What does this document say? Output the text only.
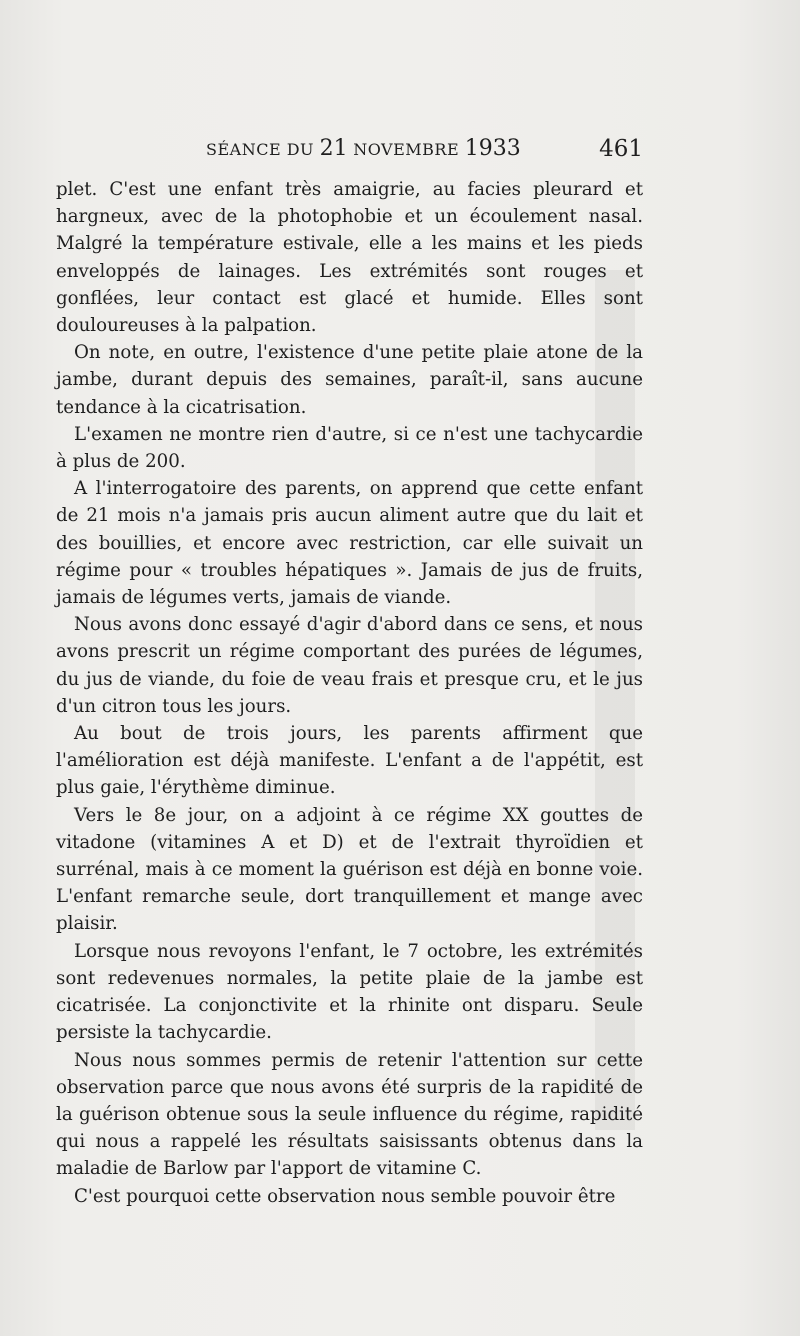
SÉANCE DU 21 NOVEMBRE 1933	461

plet. C'est une enfant très amaigrie, au facies pleurard et hargneux, avec de la photophobie et un écoulement nasal. Malgré la température estivale, elle a les mains et les pieds enveloppés de lainages. Les extrémités sont rouges et gonflées, leur contact est glacé et humide. Elles sont douloureuses à la palpation.

On note, en outre, l'existence d'une petite plaie atone de la jambe, durant depuis des semaines, paraît-il, sans aucune tendance à la cicatrisation.

L'examen ne montre rien d'autre, si ce n'est une tachycardie à plus de 200.

A l'interrogatoire des parents, on apprend que cette enfant de 21 mois n'a jamais pris aucun aliment autre que du lait et des bouillies, et encore avec restriction, car elle suivait un régime pour « troubles hépatiques ». Jamais de jus de fruits, jamais de légumes verts, jamais de viande.

Nous avons donc essayé d'agir d'abord dans ce sens, et nous avons prescrit un régime comportant des purées de légumes, du jus de viande, du foie de veau frais et presque cru, et le jus d'un citron tous les jours.

Au bout de trois jours, les parents affirment que l'amélioration est déjà manifeste. L'enfant a de l'appétit, est plus gaie, l'érythème diminue.

Vers le 8e jour, on a adjoint à ce régime XX gouttes de vitadone (vitamines A et D) et de l'extrait thyroïdien et surrénal, mais à ce moment la guérison est déjà en bonne voie. L'enfant remarche seule, dort tranquillement et mange avec plaisir.

Lorsque nous revoyons l'enfant, le 7 octobre, les extrémités sont redevenues normales, la petite plaie de la jambe est cicatrisée. La conjonctivite et la rhinite ont disparu. Seule persiste la tachycardie.

Nous nous sommes permis de retenir l'attention sur cette observation parce que nous avons été surpris de la rapidité de la guérison obtenue sous la seule influence du régime, rapidité qui nous a rappelé les résultats saisissants obtenus dans la maladie de Barlow par l'apport de vitamine C.

C'est pourquoi cette observation nous semble pouvoir être
